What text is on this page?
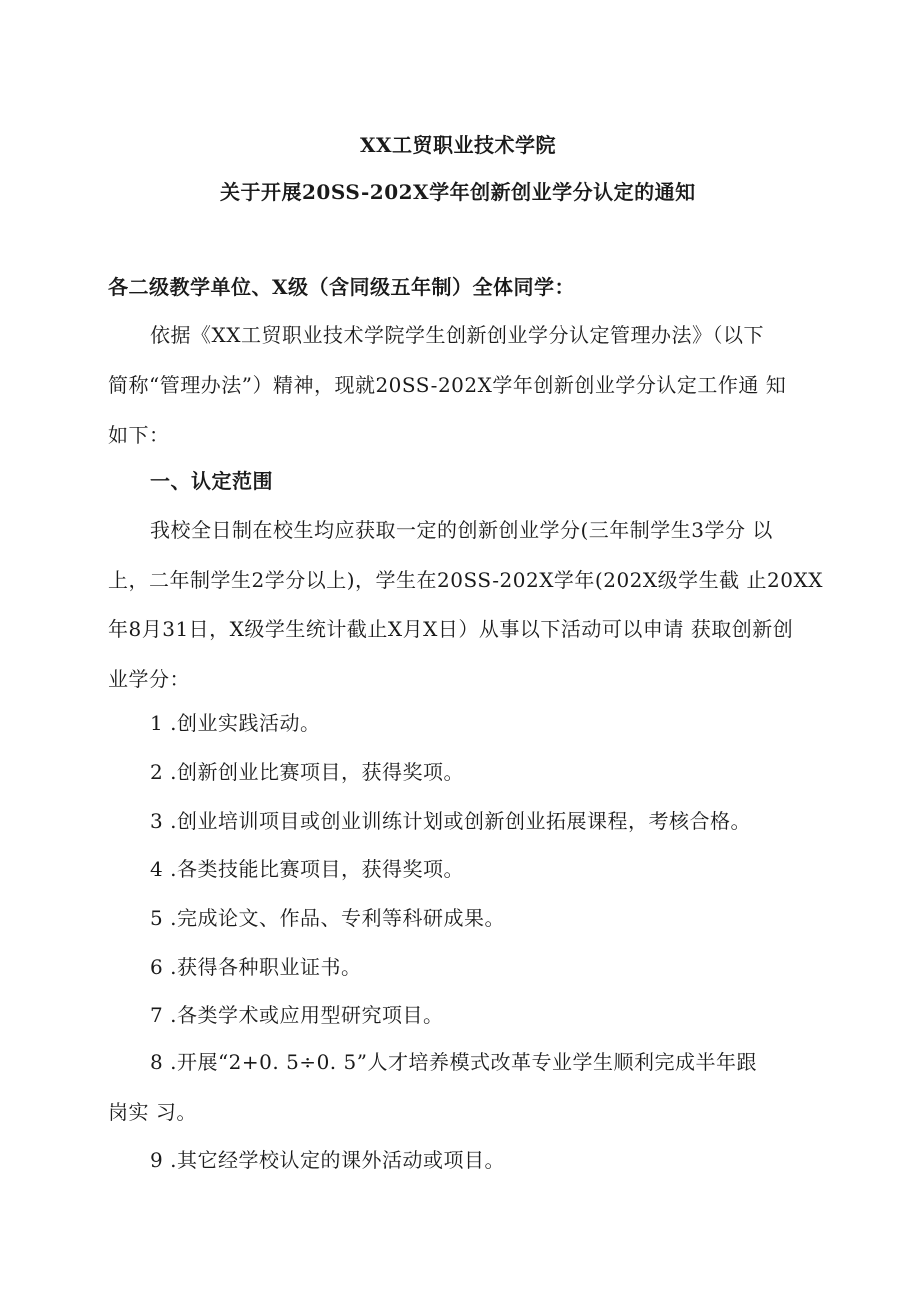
XX工贸职业技术学院
关于开展20SS-202X学年创新创业学分认定的通知
各二级教学单位、X级（含同级五年制）全体同学：
依据《XX工贸职业技术学院学生创新创业学分认定管理办法》（以下
简称“管理办法”）精神，现就20SS-202X学年创新创业学分认定工作通 知
如下：
一、认定范围
我校全日制在校生均应获取一定的创新创业学分(三年制学生3学分 以
上，二年制学生2学分以上)，学生在20SS-202X学年(202X级学生截 止20XX
年8月31日，X级学生统计截止X月X日）从事以下活动可以申请 获取创新创
业学分：
1 .创业实践活动。
2 .创新创业比赛项目，获得奖项。
3 .创业培训项目或创业训练计划或创新创业拓展课程，考核合格。
4 .各类技能比赛项目，获得奖项。
5 .完成论文、作品、专利等科研成果。
6 .获得各种职业证书。
7 .各类学术或应用型研究项目。
8 .开展“2+0. 5÷0. 5”人才培养模式改革专业学生顺利完成半年跟
岗实 习。
9 .其它经学校认定的课外活动或项目。
